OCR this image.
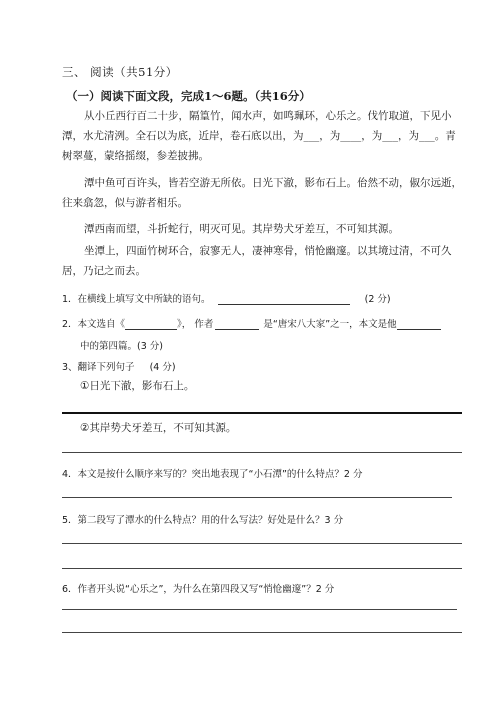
三、 阅读（共51分）
（一）阅读下面文段，完成1～6题。（共16分）
从小丘西行百二十步，隔篁竹，闻水声，如鸣珮环，心乐之。伐竹取道，下见小潭，水尤清洌。全石以为底，近岸，卷石底以出，为___，为____，为___，为___。青树翠蔓，蒙络摇缀，参差披拂。
潭中鱼可百许头，皆若空游无所依。日光下澈，影布石上。佁然不动，俶尔远逝，往来翕忽，似与游者相乐。
潭西南而望，斗折蛇行，明灭可见。其岸势犬牙差互，不可知其源。
坐潭上，四面竹树环合，寂寥无人，凄神寒骨，悄怆幽邃。以其境过清，不可久居，乃记之而去。
1．在横线上填写文中所缺的语句。	(2 分)
2．本文选自《	》， 作者	是“唐宋八大家”之一，本文是他
中的第四篇。(3 分)
3、翻译下列句子 (4 分)
①日光下澈，影布石上。
②其岸势犬牙差互，不可知其源。
4．本文是按什么顺序来写的？突出地表现了“小石潭”的什么特点？2 分
5．第二段写了潭水的什么特点？用的什么写法？好处是什么？3 分
6．作者开头说“心乐之”，为什么在第四段又写“悄怆幽邃”？2 分
